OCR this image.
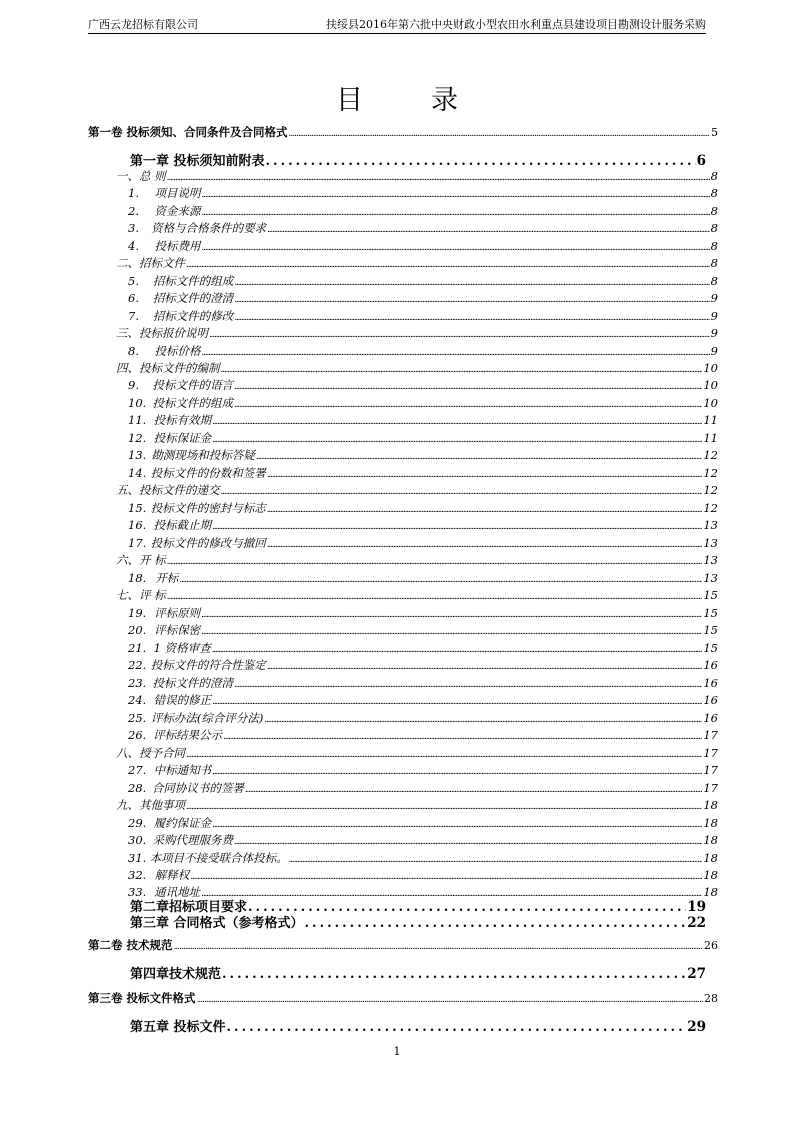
广西云龙招标有限公司	扶绥县2016年第六批中央财政小型农田水利重点县建设项目勘测设计服务采购
目	录
第一卷 投标须知、合同条件及合同格式 .....	5
第一章 投标须知前附表 .....	6
一、总 则 .....	8
1.	项目说明 .....	8
2.	资金来源 .....	8
3.	资格与合格条件的要求 .....	8
4.	投标费用 .....	8
二、招标文件 .....	8
5.	招标文件的组成 .....	8
6.	招标文件的澄清 .....	9
7.	招标文件的修改 .....	9
三、投标报价说明 .....	9
8.	投标价格 .....	9
四、投标文件的编制 .....	10
9.	投标文件的语言 .....	10
10. 投标文件的组成 .....	10
11. 投标有效期 .....	11
12. 投标保证金 .....	11
13. 勘测现场和投标答疑 .....	12
14. 投标文件的份数和签署 .....	12
五、投标文件的递交 .....	12
15. 投标文件的密封与标志 .....	12
16. 投标截止期 .....	13
17. 投标文件的修改与撤回 .....	13
六、开 标 .....	13
18. 开标 .....	13
七、评 标 .....	15
19. 评标原则 .....	15
20. 评标保密 .....	15
21. 1 资格审查 .....	15
22. 投标文件的符合性鉴定 .....	16
23. 投标文件的澄清 .....	16
24. 错误的修正 .....	16
25. 评标办法(综合评分法) .....	16
26. 评标结果公示 .....	17
八、授予合同 .....	17
27. 中标通知书 .....	17
28. 合同协议书的签署 .....	17
九、其他事项 .....	18
29. 履约保证金 .....	18
30. 采购代理服务费 .....	18
31. 本项目不接受联合体投标。 .....	18
32. 解释权 .....	18
33. 通讯地址 .....	18
第二章招标项目要求 .....	19
第三章 合同格式（参考格式） .....	22
第二卷 技术规范 .....	26
第四章技术规范 .....	27
第三卷 投标文件格式 .....	28
第五章 投标文件 .....	29
1
